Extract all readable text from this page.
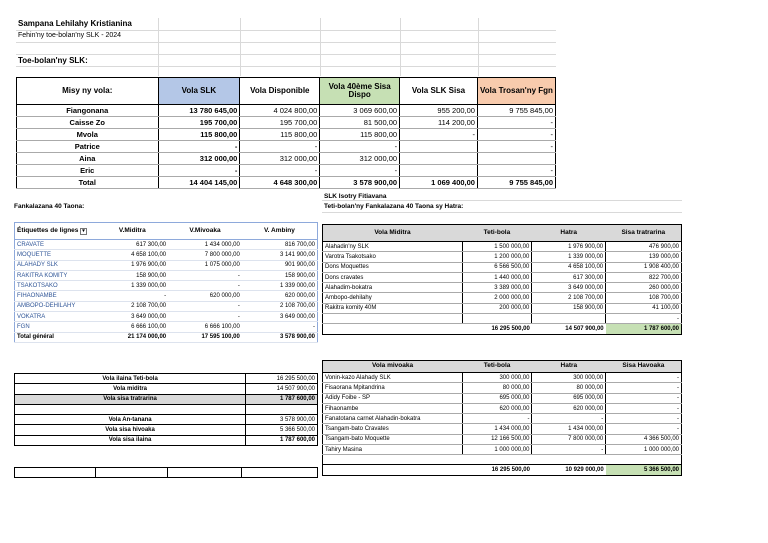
Sampana Lehilahy Kristianina
Fehin'ny toe-bolan'ny SLK - 2024
Toe-bolan'ny SLK:
Misy ny vola:	Vola SLK	Vola Disponible	Vola 40ème Sisa Dispo	Vola SLK Sisa	Vola Trosan'ny Fgn
Fiangonana	13 780 645,00	4 024 800,00	3 069 600,00	955 200,00	9 755 845,00
Caisse Zo	195 700,00	195 700,00	81 500,00	114 200,00	-
Mvola	115 800,00	115 800,00	115 800,00	-	-
Patrice	-	-	-		-
Aina	312 000,00	312 000,00	312 000,00		
Eric	-	-	-		-
Total	14 404 145,00	4 648 300,00	3 578 900,00	1 069 400,00	9 755 845,00
Fankalazana 40 Taona:
Étiquettes de lignes ▾	V.Miditra	V.Mivoaka	V. Ambiny
CRAVATE	617 300,00	1 434 000,00	816 700,00
MOQUETTE	4 658 100,00	7 800 000,00	3 141 900,00
ALAHADY SLK	1 976 900,00	1 075 000,00	901 900,00
RAKITRA KOMITY	158 900,00	-	158 900,00
TSAKOTSAKO	1 339 000,00	-	1 339 000,00
FIHAONAMBE	-	620 000,00	620 000,00
AMBOPO-DEHILAHY	2 108 700,00	-	2 108 700,00
VOKATRA	3 649 000,00	-	3 649 000,00
FGN	6 666 100,00	6 666 100,00	-
Total général	21 174 000,00	17 595 100,00	3 578 900,00
Vola ilaina Teti-bola	16 295 500,00
Vola miditra	14 507 900,00
Vola sisa tratrarina	1 787 600,00

Vola An-tanana	3 578 900,00
Vola sisa hivoaka	5 366 500,00
Vola sisa ilaina	1 787 600,00

SLK Isotry Fitiavana
Teti-bolan'ny Fankalazana 40 Taona sy Hatra:
Vola Miditra	Teti-bola	Hatra	Sisa tratrarina
Alahadin'ny SLK	1 500 000,00	1 976 900,00	476 900,00
Varotra Tsakotsako	1 200 000,00	1 339 000,00	139 000,00
Dons Moquettes	6 566 500,00	4 658 100,00	1 908 400,00
Dons cravates	1 440 000,00	617 300,00	822 700,00
Alahadim-bokatra	3 389 000,00	3 649 000,00	260 000,00
Ambopo-dehilahy	2 000 000,00	2 108 700,00	108 700,00
Rakitra komity 40M	200 000,00	158 900,00	41 100,00
			-
	16 295 500,00	14 507 900,00	1 787 600,00
Vola mivoaka	Teti-bola	Hatra	Sisa Havoaka
Vonin-kazo Alahady SLK	300 000,00	300 000,00	-
Fisaorana Mpitandrina	80 000,00	80 000,00	-
Adidy Foibe - SP	695 000,00	695 000,00	-
Fihaonambe	620 000,00	620 000,00	-
Fanatotana carnet Alahadin-bokatra	-	-	-
Tsangam-bato Cravates	1 434 000,00	1 434 000,00	-
Tsangam-bato Moquette	12 166 500,00	7 800 000,00	4 366 500,00
Tahiry Masina	1 000 000,00	-	1 000 000,00

	16 295 500,00	10 929 000,00	5 366 500,00
